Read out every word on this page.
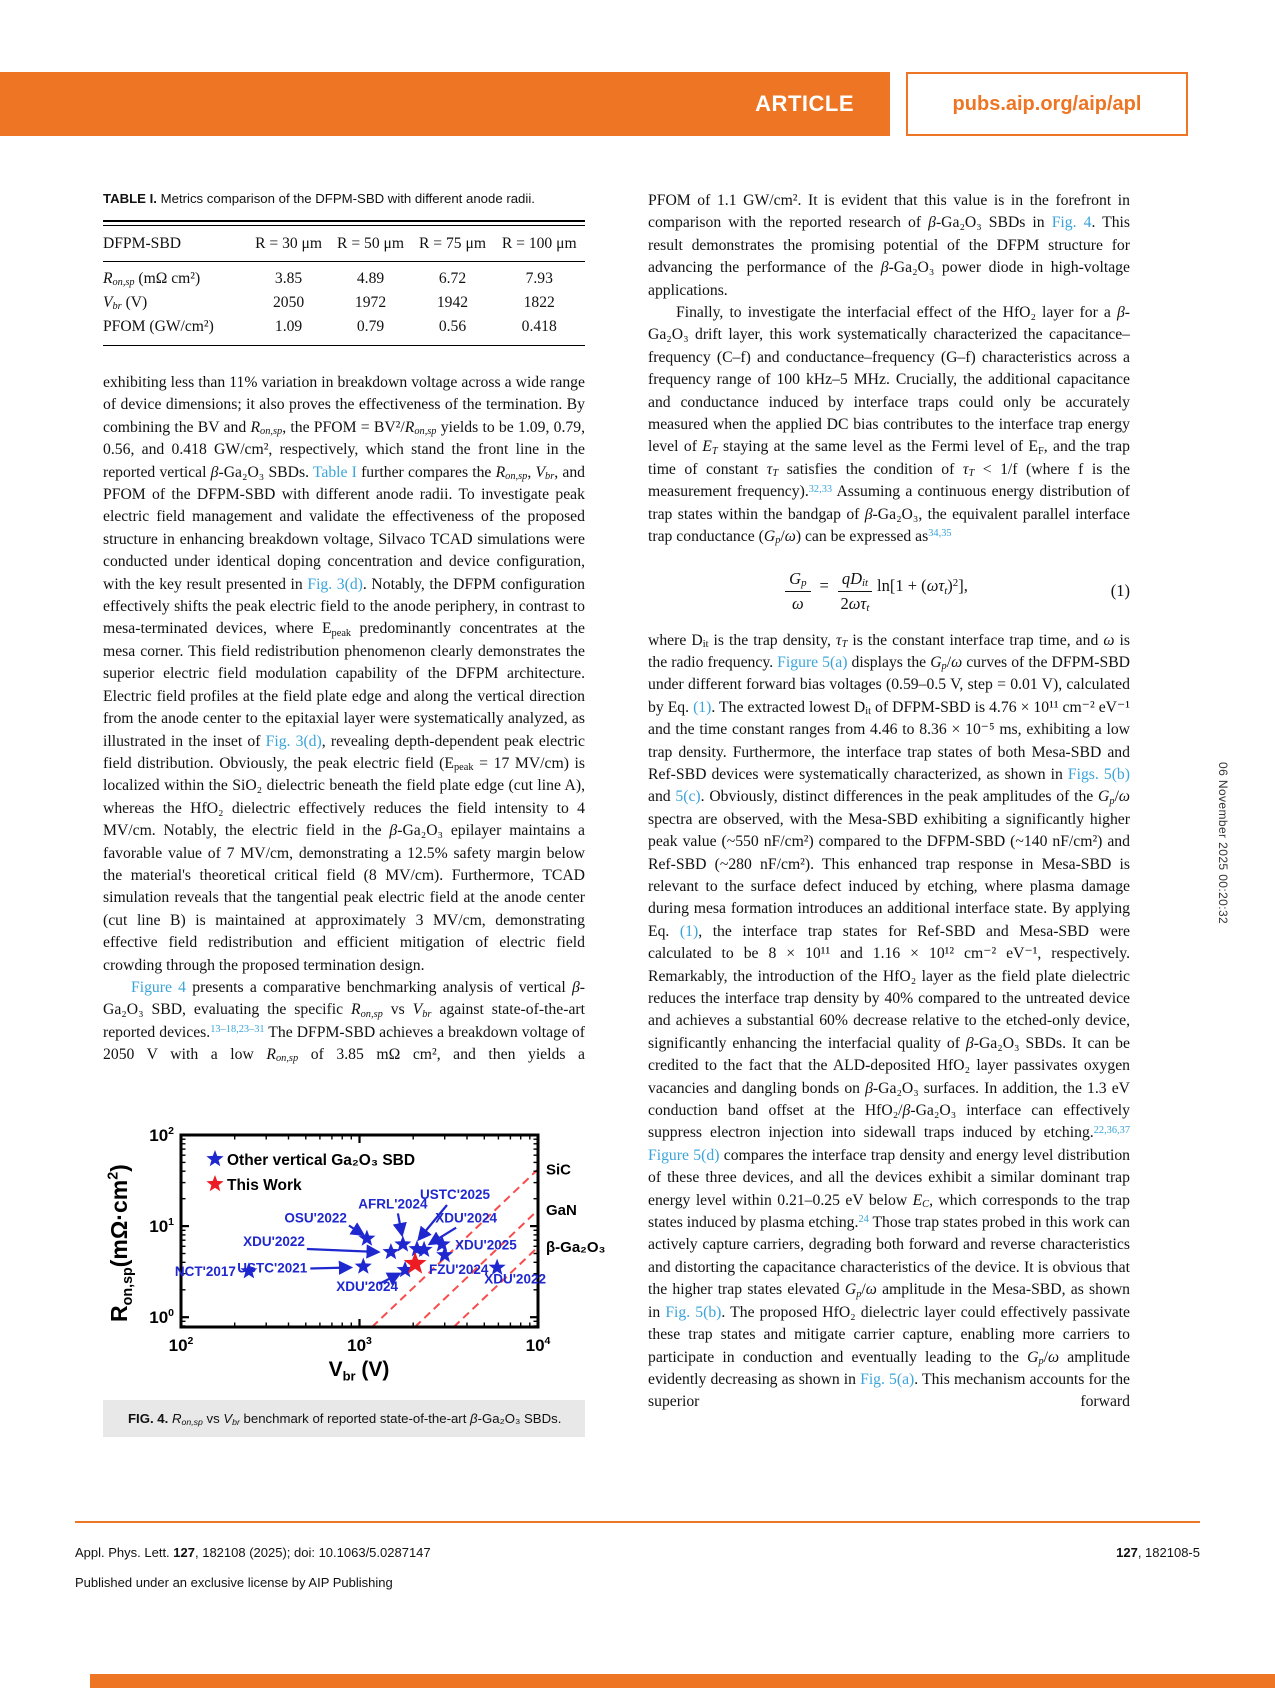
ARTICLE	pubs.aip.org/aip/apl

TABLE I. Metrics comparison of the DFPM-SBD with different anode radii.

DFPM-SBD	R = 30 μm	R = 50 μm	R = 75 μm	R = 100 μm
Ron,sp (mΩ cm²)	3.85	4.89	6.72	7.93
Vbr (V)	2050	1972	1942	1822
PFOM (GW/cm²)	1.09	0.79	0.56	0.418

exhibiting less than 11% variation in breakdown voltage across a wide range of device dimensions; it also proves the effectiveness of the termination. By combining the BV and Ron,sp, the PFOM = BV²/Ron,sp yields to be 1.09, 0.79, 0.56, and 0.418 GW/cm², respectively, which stand the front line in the reported vertical β-Ga₂O₃ SBDs. Table I further compares the Ron,sp, Vbr, and PFOM of the DFPM-SBD with different anode radii. To investigate peak electric field management and validate the effectiveness of the proposed structure in enhancing breakdown voltage, Silvaco TCAD simulations were conducted under identical doping concentration and device configuration, with the key result presented in Fig. 3(d). Notably, the DFPM configuration effectively shifts the peak electric field to the anode periphery, in contrast to mesa-terminated devices, where Epeak predominantly concentrates at the mesa corner. This field redistribution phenomenon clearly demonstrates the superior electric field modulation capability of the DFPM architecture. Electric field profiles at the field plate edge and along the vertical direction from the anode center to the epitaxial layer were systematically analyzed, as illustrated in the inset of Fig. 3(d), revealing depth-dependent peak electric field distribution. Obviously, the peak electric field (Epeak = 17 MV/cm) is localized within the SiO₂ dielectric beneath the field plate edge (cut line A), whereas the HfO₂ dielectric effectively reduces the field intensity to 4 MV/cm. Notably, the electric field in the β-Ga₂O₃ epilayer maintains a favorable value of 7 MV/cm, demonstrating a 12.5% safety margin below the material's theoretical critical field (8 MV/cm). Furthermore, TCAD simulation reveals that the tangential peak electric field at the anode center (cut line B) is maintained at approximately 3 MV/cm, demonstrating effective field redistribution and efficient mitigation of electric field crowding through the proposed termination design.

Figure 4 presents a comparative benchmarking analysis of vertical β-Ga₂O₃ SBD, evaluating the specific Ron,sp vs Vbr against state-of-the-art reported devices.$^{13-18,23-31}$ The DFPM-SBD achieves a breakdown voltage of 2050 V with a low Ron,sp of 3.85 mΩ cm², and then yields a

SiC
GaN
β-Ga₂O₃
$10^2$	$10^3$	$10^4$
$10^0$
$10^1$
$10^2$
$V_{br}$ (V)
$R_{on,sp}(m\Omega\cdot cm^2)$
NCT'2017 USTC'2021
OSU'2022
XDU'2022
AFRL'2024
USTC'2025
XDU'2024
XDU'2025
FZU'2024
XDU'2024	XDU'2022
Other vertical Ga₂O₃ SBD
This Work
FIG. 4. Ron,sp vs Vbr benchmark of reported state-of-the-art β-Ga₂O₃ SBDs.

PFOM of 1.1 GW/cm². It is evident that this value is in the forefront in comparison with the reported research of β-Ga₂O₃ SBDs in Fig. 4. This result demonstrates the promising potential of the DFPM structure for advancing the performance of the β-Ga₂O₃ power diode in high-voltage applications.

Finally, to investigate the interfacial effect of the HfO₂ layer for a β-Ga₂O₃ drift layer, this work systematically characterized the capacitance–frequency (C–f) and conductance–frequency (G–f) characteristics across a frequency range of 100 kHz–5 MHz. Crucially, the additional capacitance and conductance induced by interface traps could only be accurately measured when the applied DC bias contributes to the interface trap energy level of ET staying at the same level as the Fermi level of EF, and the trap time of constant τT satisfies the condition of τT < 1/f (where f is the measurement frequency).$^{32,33}$ Assuming a continuous energy distribution of trap states within the bandgap of β-Ga₂O₃, the equivalent parallel interface trap conductance (Gp/ω) can be expressed as$^{34,35}$

$\frac{Gp}{\omega} = \frac{\text{qDit}}{\text{2ωτt}} \ln[1 + (\omega\tau t)^2]$,	(1)

where Dit is the trap density, τT is the constant interface trap time, and ω is the radio frequency. Figure 5(a) displays the Gp/ω curves of the DFPM-SBD under different forward bias voltages (0.59–0.5 V, step = 0.01 V), calculated by Eq. (1). The extracted lowest Dit of DFPM-SBD is 4.76 × 10¹¹ cm⁻² eV⁻¹ and the time constant ranges from 4.46 to 8.36 × 10⁻⁵ ms, exhibiting a low trap density. Furthermore, the interface trap states of both Mesa-SBD and Ref-SBD devices were systematically characterized, as shown in Figs. 5(b) and 5(c). Obviously, distinct differences in the peak amplitudes of the Gp/ω spectra are observed, with the Mesa-SBD exhibiting a significantly higher peak value (~550 nF/cm²) compared to the DFPM-SBD (~140 nF/cm²) and Ref-SBD (~280 nF/cm²). This enhanced trap response in Mesa-SBD is relevant to the surface defect induced by etching, where plasma damage during mesa formation introduces an additional interface state. By applying Eq. (1), the interface trap states for Ref-SBD and Mesa-SBD were calculated to be 8 × 10¹¹ and 1.16 × 10¹² cm⁻² eV⁻¹, respectively. Remarkably, the introduction of the HfO₂ layer as the field plate dielectric reduces the interface trap density by 40% compared to the untreated device and achieves a substantial 60% decrease relative to the etched-only device, significantly enhancing the interfacial quality of β-Ga₂O₃ SBDs. It can be credited to the fact that the ALD-deposited HfO₂ layer passivates oxygen vacancies and dangling bonds on β-Ga₂O₃ surfaces. In addition, the 1.3 eV conduction band offset at the HfO₂/β-Ga₂O₃ interface can effectively suppress electron injection into sidewall traps induced by etching.$^{22,36,37}$ Figure 5(d) compares the interface trap density and energy level distribution of these three devices, and all the devices exhibit a similar dominant trap energy level within 0.21–0.25 eV below EC, which corresponds to the trap states induced by plasma etching.$^{24}$ Those trap states probed in this work can actively capture carriers, degrading both forward and reverse characteristics and distorting the capacitance characteristics of the device. It is obvious that the higher trap states elevated Gp/ω amplitude in the Mesa-SBD, as shown in Fig. 5(b). The proposed HfO₂ dielectric layer could effectively passivate these trap states and mitigate carrier capture, enabling more carriers to participate in conduction and eventually leading to the Gp/ω amplitude evidently decreasing as shown in Fig. 5(a). This mechanism accounts for the superior forward

06 November 2025 00:20:32
Appl. Phys. Lett. 127, 182108 (2025); doi: 10.1063/5.0287147	127, 182108-5
Published under an exclusive license by AIP Publishing
